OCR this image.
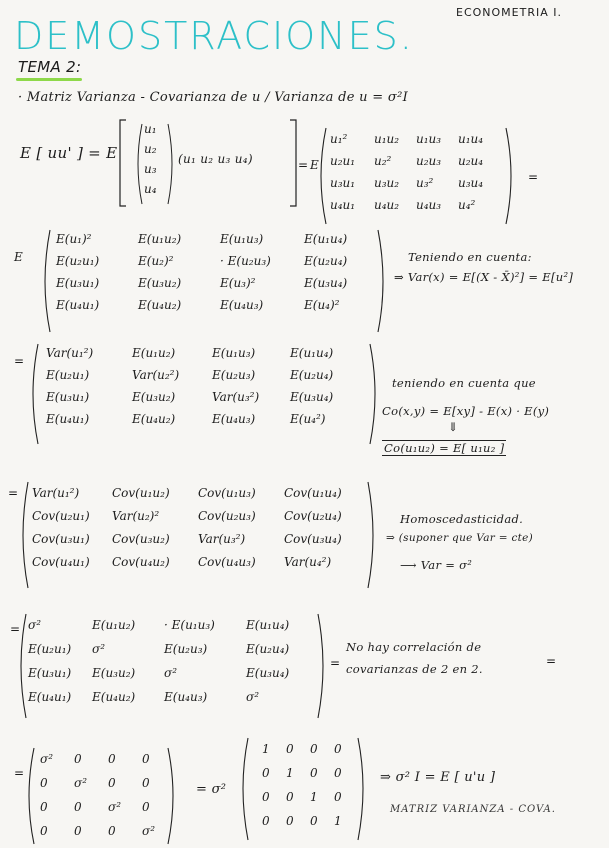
DEMOSTRACIONES.
ECONOMETRIA I.
TEMA 2:
· Matriz Varianza - Covarianza de u / Varianza de u = σ²I
E [ uu' ] = E
u₁
u₂
u₃
u₄
(u₁ u₂ u₃ u₄)	= E
u₁²	u₁u₂	u₁u₃	u₁u₄
u₂u₁	u₂²	u₂u₃	u₂u₄
u₃u₁	u₃u₂	u₃²	u₃u₄
u₄u₁	u₄u₂	u₄u₃	u₄²
=
E
E(u₁)²	E(u₁u₂)	E(u₁u₃)	E(u₁u₄)
E(u₂u₁)	E(u₂)²	· E(u₂u₃)	E(u₂u₄)
E(u₃u₁)	E(u₃u₂)	E(u₃)²	E(u₃u₄)
E(u₄u₁)	E(u₄u₂)	E(u₄u₃)	E(u₄)²
Teniendo en cuenta:
⇒ Var(x) = E[(X - X̄)²] = E[u²]
=
Var(u₁²)	E(u₁u₂)	E(u₁u₃)	E(u₁u₄)
E(u₂u₁)	Var(u₂²)	E(u₂u₃)	E(u₂u₄)
E(u₃u₁)	E(u₃u₂)	Var(u₃²)	E(u₃u₄)
E(u₄u₁)	E(u₄u₂)	E(u₄u₃)	E(u₄²)
teniendo en cuenta que
Co(x,y) = E[xy] - E(x) · E(y)
⇓
Co(u₁u₂) = E[ u₁u₂ ]
= Var(u₁²)	Cov(u₁u₂)	Cov(u₁u₃)	Cov(u₁u₄)
Cov(u₂u₁)	Var(u₂)²	Cov(u₂u₃)	Cov(u₂u₄)
Cov(u₃u₁)	Cov(u₃u₂)	Var(u₃²)	Cov(u₃u₄)
Cov(u₄u₁)	Cov(u₄u₂)	Cov(u₄u₃)	Var(u₄²)
Homoscedasticidad.
⇒ (suponer que Var = cte)
⟶ Var = σ²
= σ²	E(u₁u₂)	· E(u₁u₃)	E(u₁u₄)
E(u₂u₁)	σ²	E(u₂u₃)	E(u₂u₄)
E(u₃u₁)	E(u₃u₂)	σ²	E(u₃u₄)
E(u₄u₁)	E(u₄u₂)	E(u₄u₃)	σ²
=
No hay correlación de
covarianzas de 2 en 2.
=
=
σ²	0	0	0
0	σ²	0	0
0	0	σ²	0
0	0	0	σ²
= σ²
1	0	0	0
0	1	0	0
0	0	1	0
0	0	0	1
⇒ σ² I = E [ u'u ]
MATRIZ VARIANZA - COVA.
